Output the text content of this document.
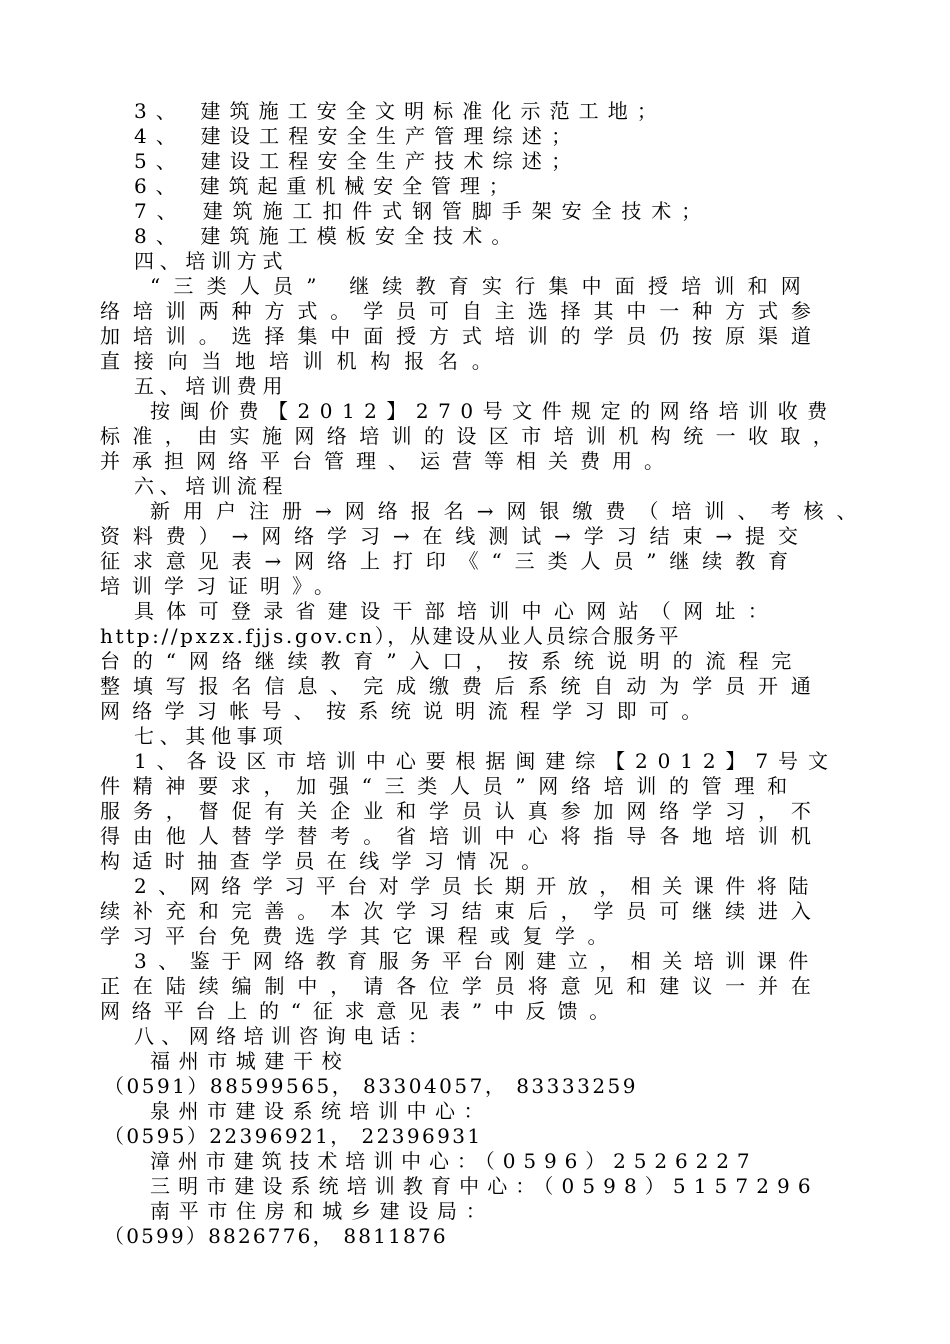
3、 建筑施工安全文明标准化示范工地；
4、 建设工程安全生产管理综述；
5、 建设工程安全生产技术综述；
6、 建筑起重机械安全管理；
7、 建筑施工扣件式钢管脚手架安全技术；
8、 建筑施工模板安全技术。
四、培训方式
“三类人员” 继续教育实行集中面授培训和网
络培训两种方式。学员可自主选择其中一种方式参
加培训。选择集中面授方式培训的学员仍按原渠道
直接向当地培训机构报名。
五、培训费用
按闽价费【2012】270号文件规定的网络培训收费
标准，由实施网络培训的设区市培训机构统一收取，
并承担网络平台管理、运营等相关费用。
六、培训流程
新用户注册→网络报名→网银缴费（培训、考核、
资料费）→网络学习→在线测试→学习结束→提交
征求意见表→网络上打印《“三类人员”继续教育
培训学习证明》。
具体可登录省建设干部培训中心网站（网址：
http://pxzx.fjjs.gov.cn），从建设从业人员综合服务平
台的“网络继续教育”入口，按系统说明的流程完
整填写报名信息、完成缴费后系统自动为学员开通
网络学习帐号、按系统说明流程学习即可。
七、其他事项
1、各设区市培训中心要根据闽建综【2012】7号文
件精神要求，加强“三类人员”网络培训的管理和
服务，督促有关企业和学员认真参加网络学习，不
得由他人替学替考。省培训中心将指导各地培训机
构适时抽查学员在线学习情况。
2、网络学习平台对学员长期开放，相关课件将陆
续补充和完善。本次学习结束后，学员可继续进入
学习平台免费选学其它课程或复学。
3、鉴于网络教育服务平台刚建立，相关培训课件
正在陆续编制中，请各位学员将意见和建议一并在
网络平台上的“征求意见表”中反馈。
八、网络培训咨询电话：
福州市城建干校
（0591）88599565， 83304057， 83333259
泉州市建设系统培训中心：
（0595）22396921， 22396931
漳州市建筑技术培训中心：（0596）2526227
三明市建设系统培训教育中心：（0598）5157296
南平市住房和城乡建设局：
（0599）8826776， 8811876
